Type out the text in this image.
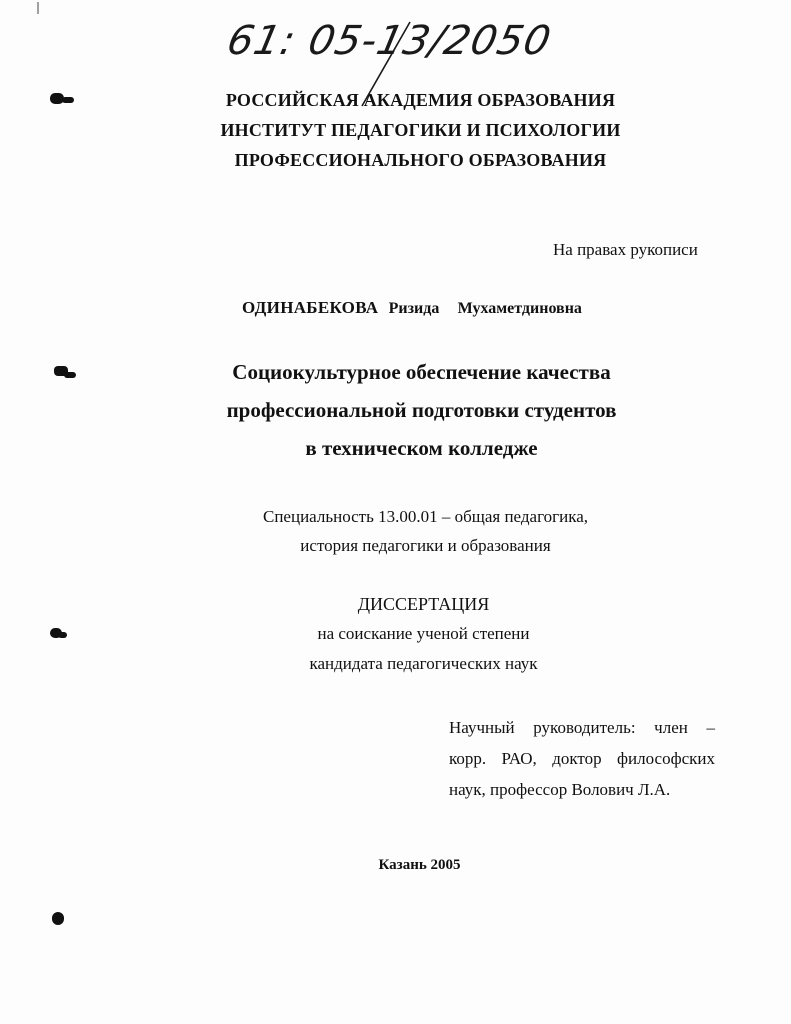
61: 05-13/2050
РОССИЙСКАЯ АКАДЕМИЯ ОБРАЗОВАНИЯ
ИНСТИТУТ ПЕДАГОГИКИ И ПСИХОЛОГИИ
ПРОФЕССИОНАЛЬНОГО ОБРАЗОВАНИЯ
На правах рукописи
ОДИНАБЕКОВА Ризида Мухаметдиновна
Социокультурное обеспечение качества
профессиональной подготовки студентов
в техническом колледже
Специальность 13.00.01 – общая педагогика,
история педагогики и образования
ДИССЕРТАЦИЯ
на соискание ученой степени
кандидата педагогических наук
Научный руководитель: член –
корр. РАО, доктор философских
наук, профессор Волович Л.А.
Казань 2005
